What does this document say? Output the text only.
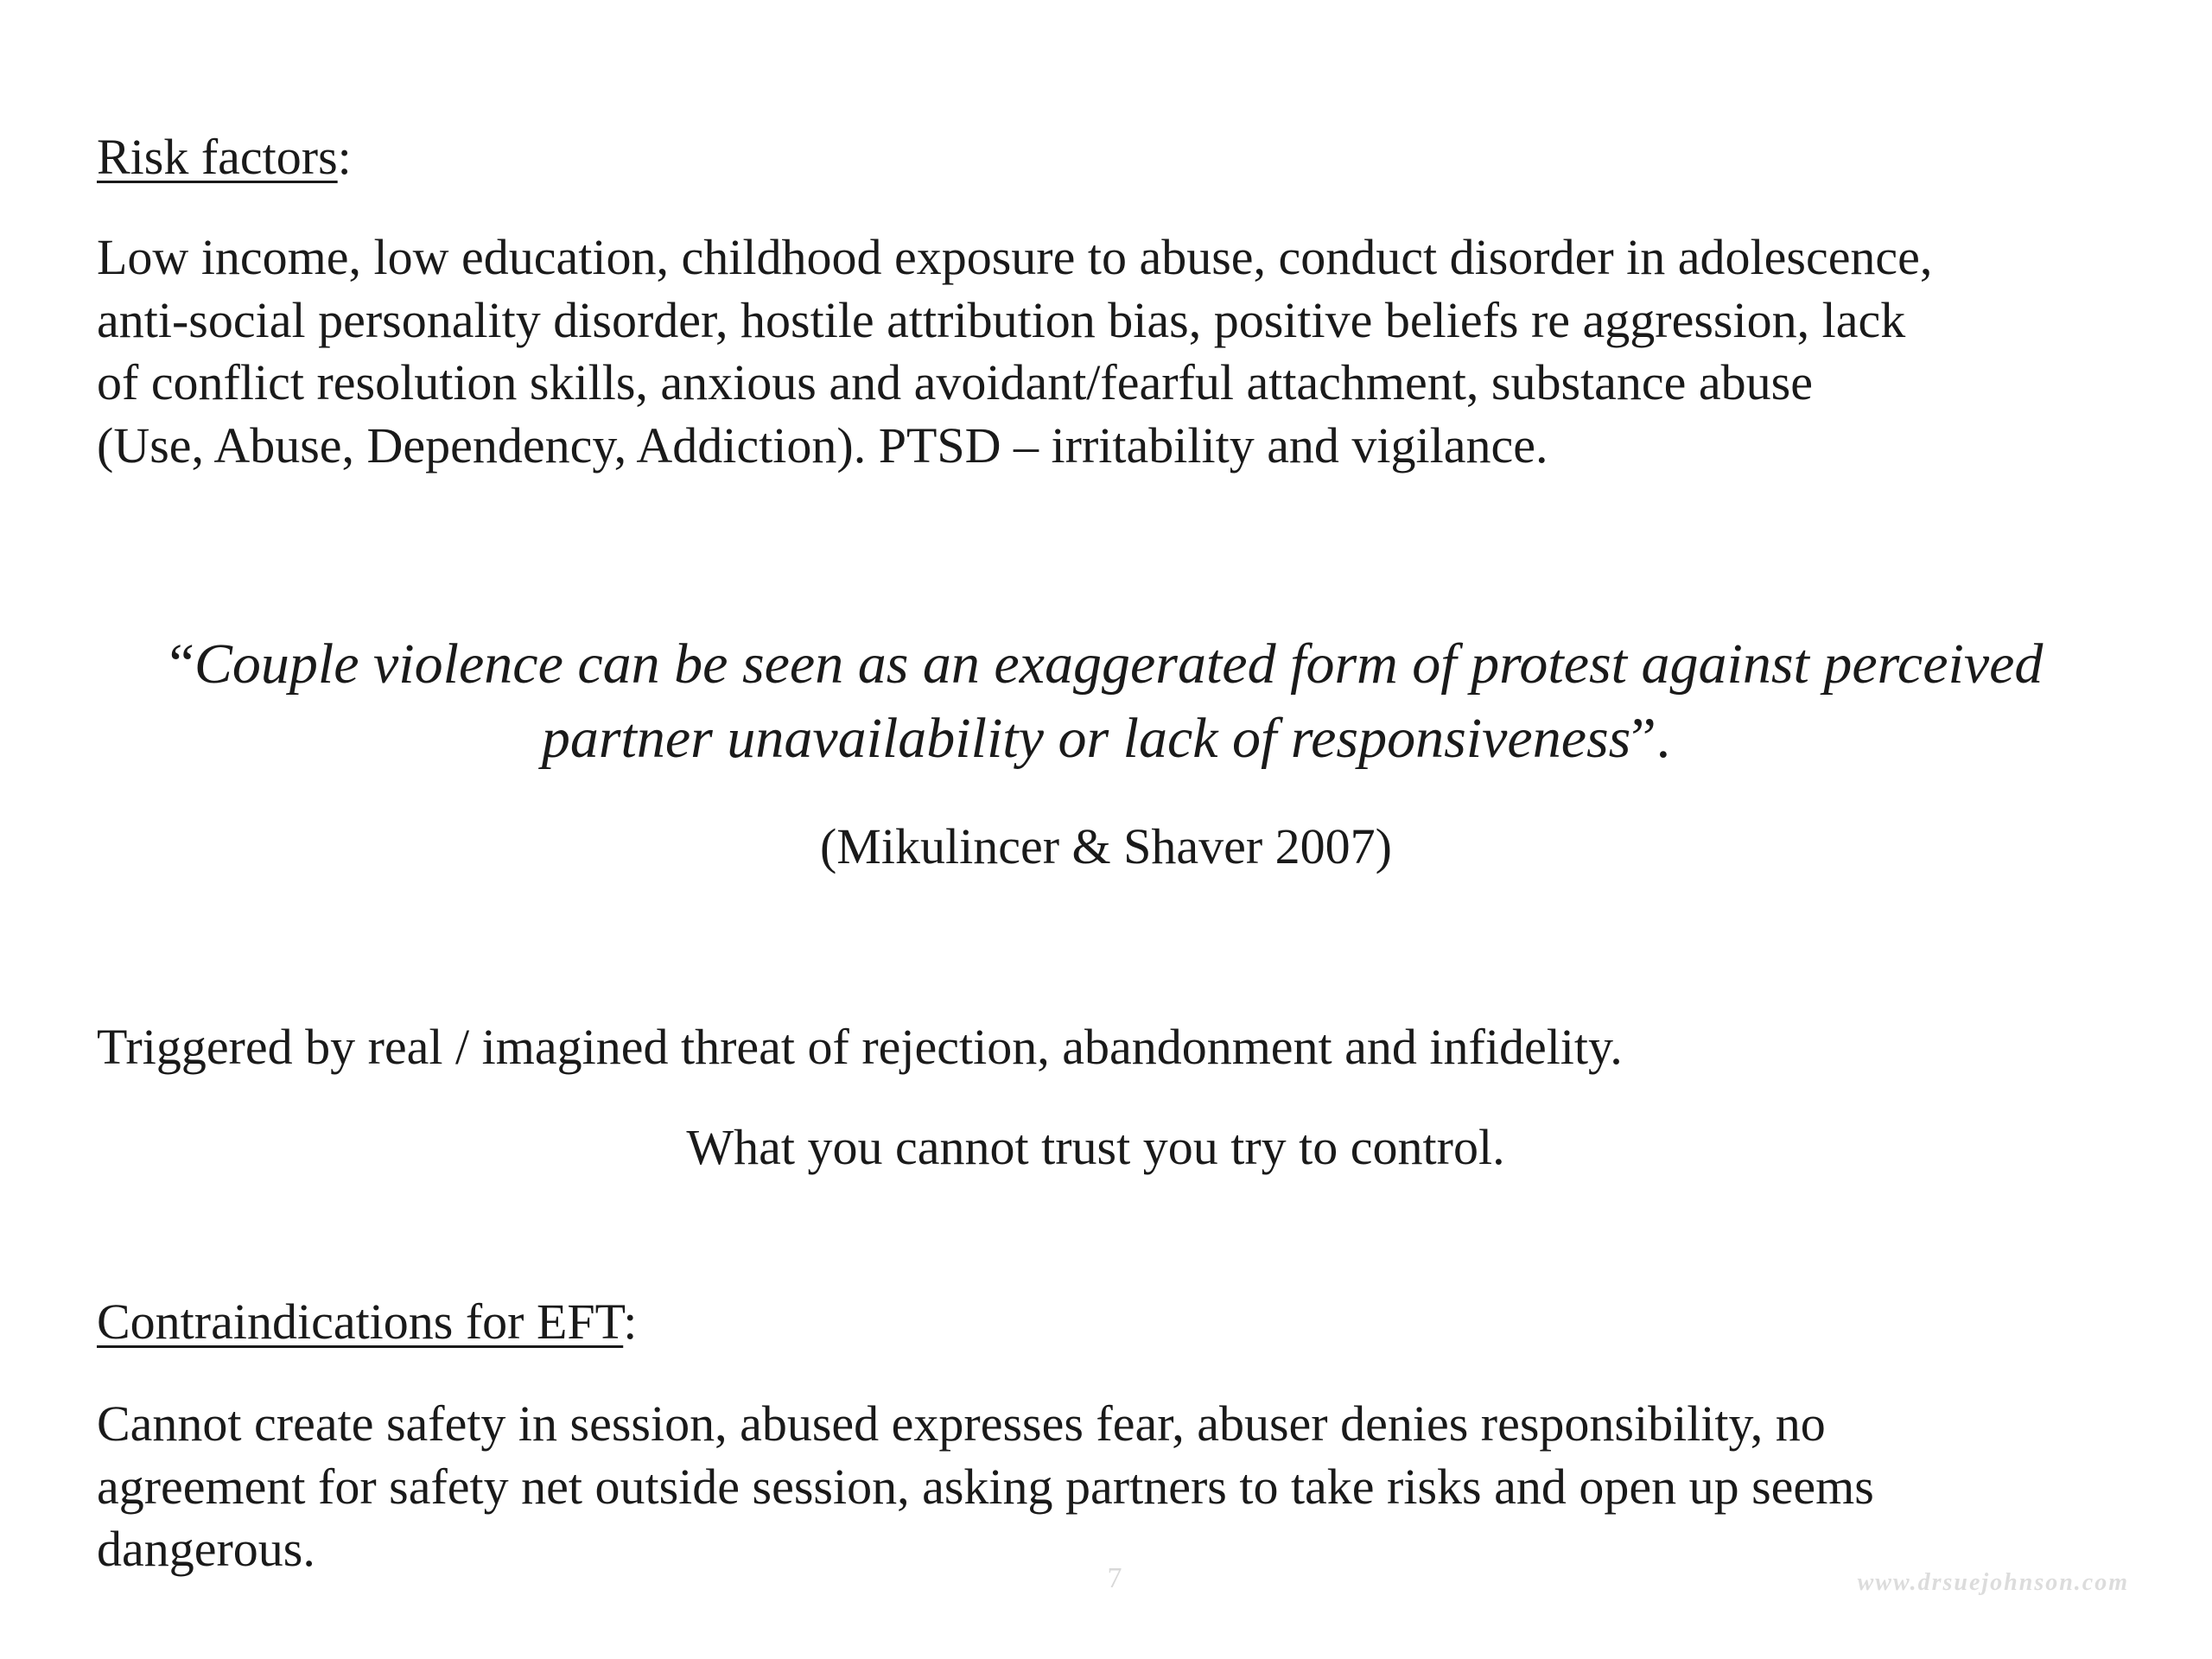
Risk factors:
Low income, low education, childhood exposure to abuse, conduct disorder in adolescence,
anti-social personality disorder, hostile attribution bias, positive beliefs re aggression, lack
of conflict resolution skills, anxious and avoidant/fearful attachment, substance abuse
(Use, Abuse, Dependency, Addiction). PTSD – irritability and vigilance.
“Couple violence can be seen as an exaggerated form of protest against perceived
partner unavailability or lack of responsiveness”.
(Mikulincer & Shaver 2007)
Triggered by real / imagined threat of rejection, abandonment and infidelity.
What you cannot trust you try to control.
Contraindications for EFT:
Cannot create safety in session, abused expresses fear, abuser denies responsibility, no
agreement for safety net outside session, asking partners to take risks and open up seems
dangerous.
7	www.drsuejohnson.com
